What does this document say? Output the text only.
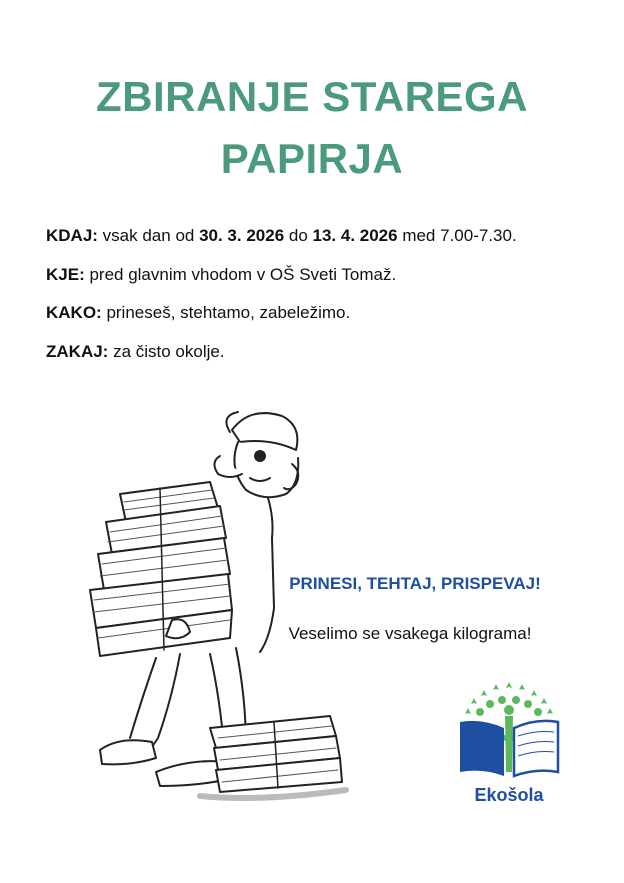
ZBIRANJE STAREGA
PAPIRJA
KDAJ: vsak dan od 30. 3. 2026 do 13. 4. 2026 med 7.00-7.30.
KJE: pred glavnim vhodom v OŠ Sveti Tomaž.
KAKO: prineseš, stehtamo, zabeležimo.
ZAKAJ: za čisto okolje.
PRINESI, TEHTAJ, PRISPEVAJ!
Veselimo se vsakega kilograma!
Ekošola
